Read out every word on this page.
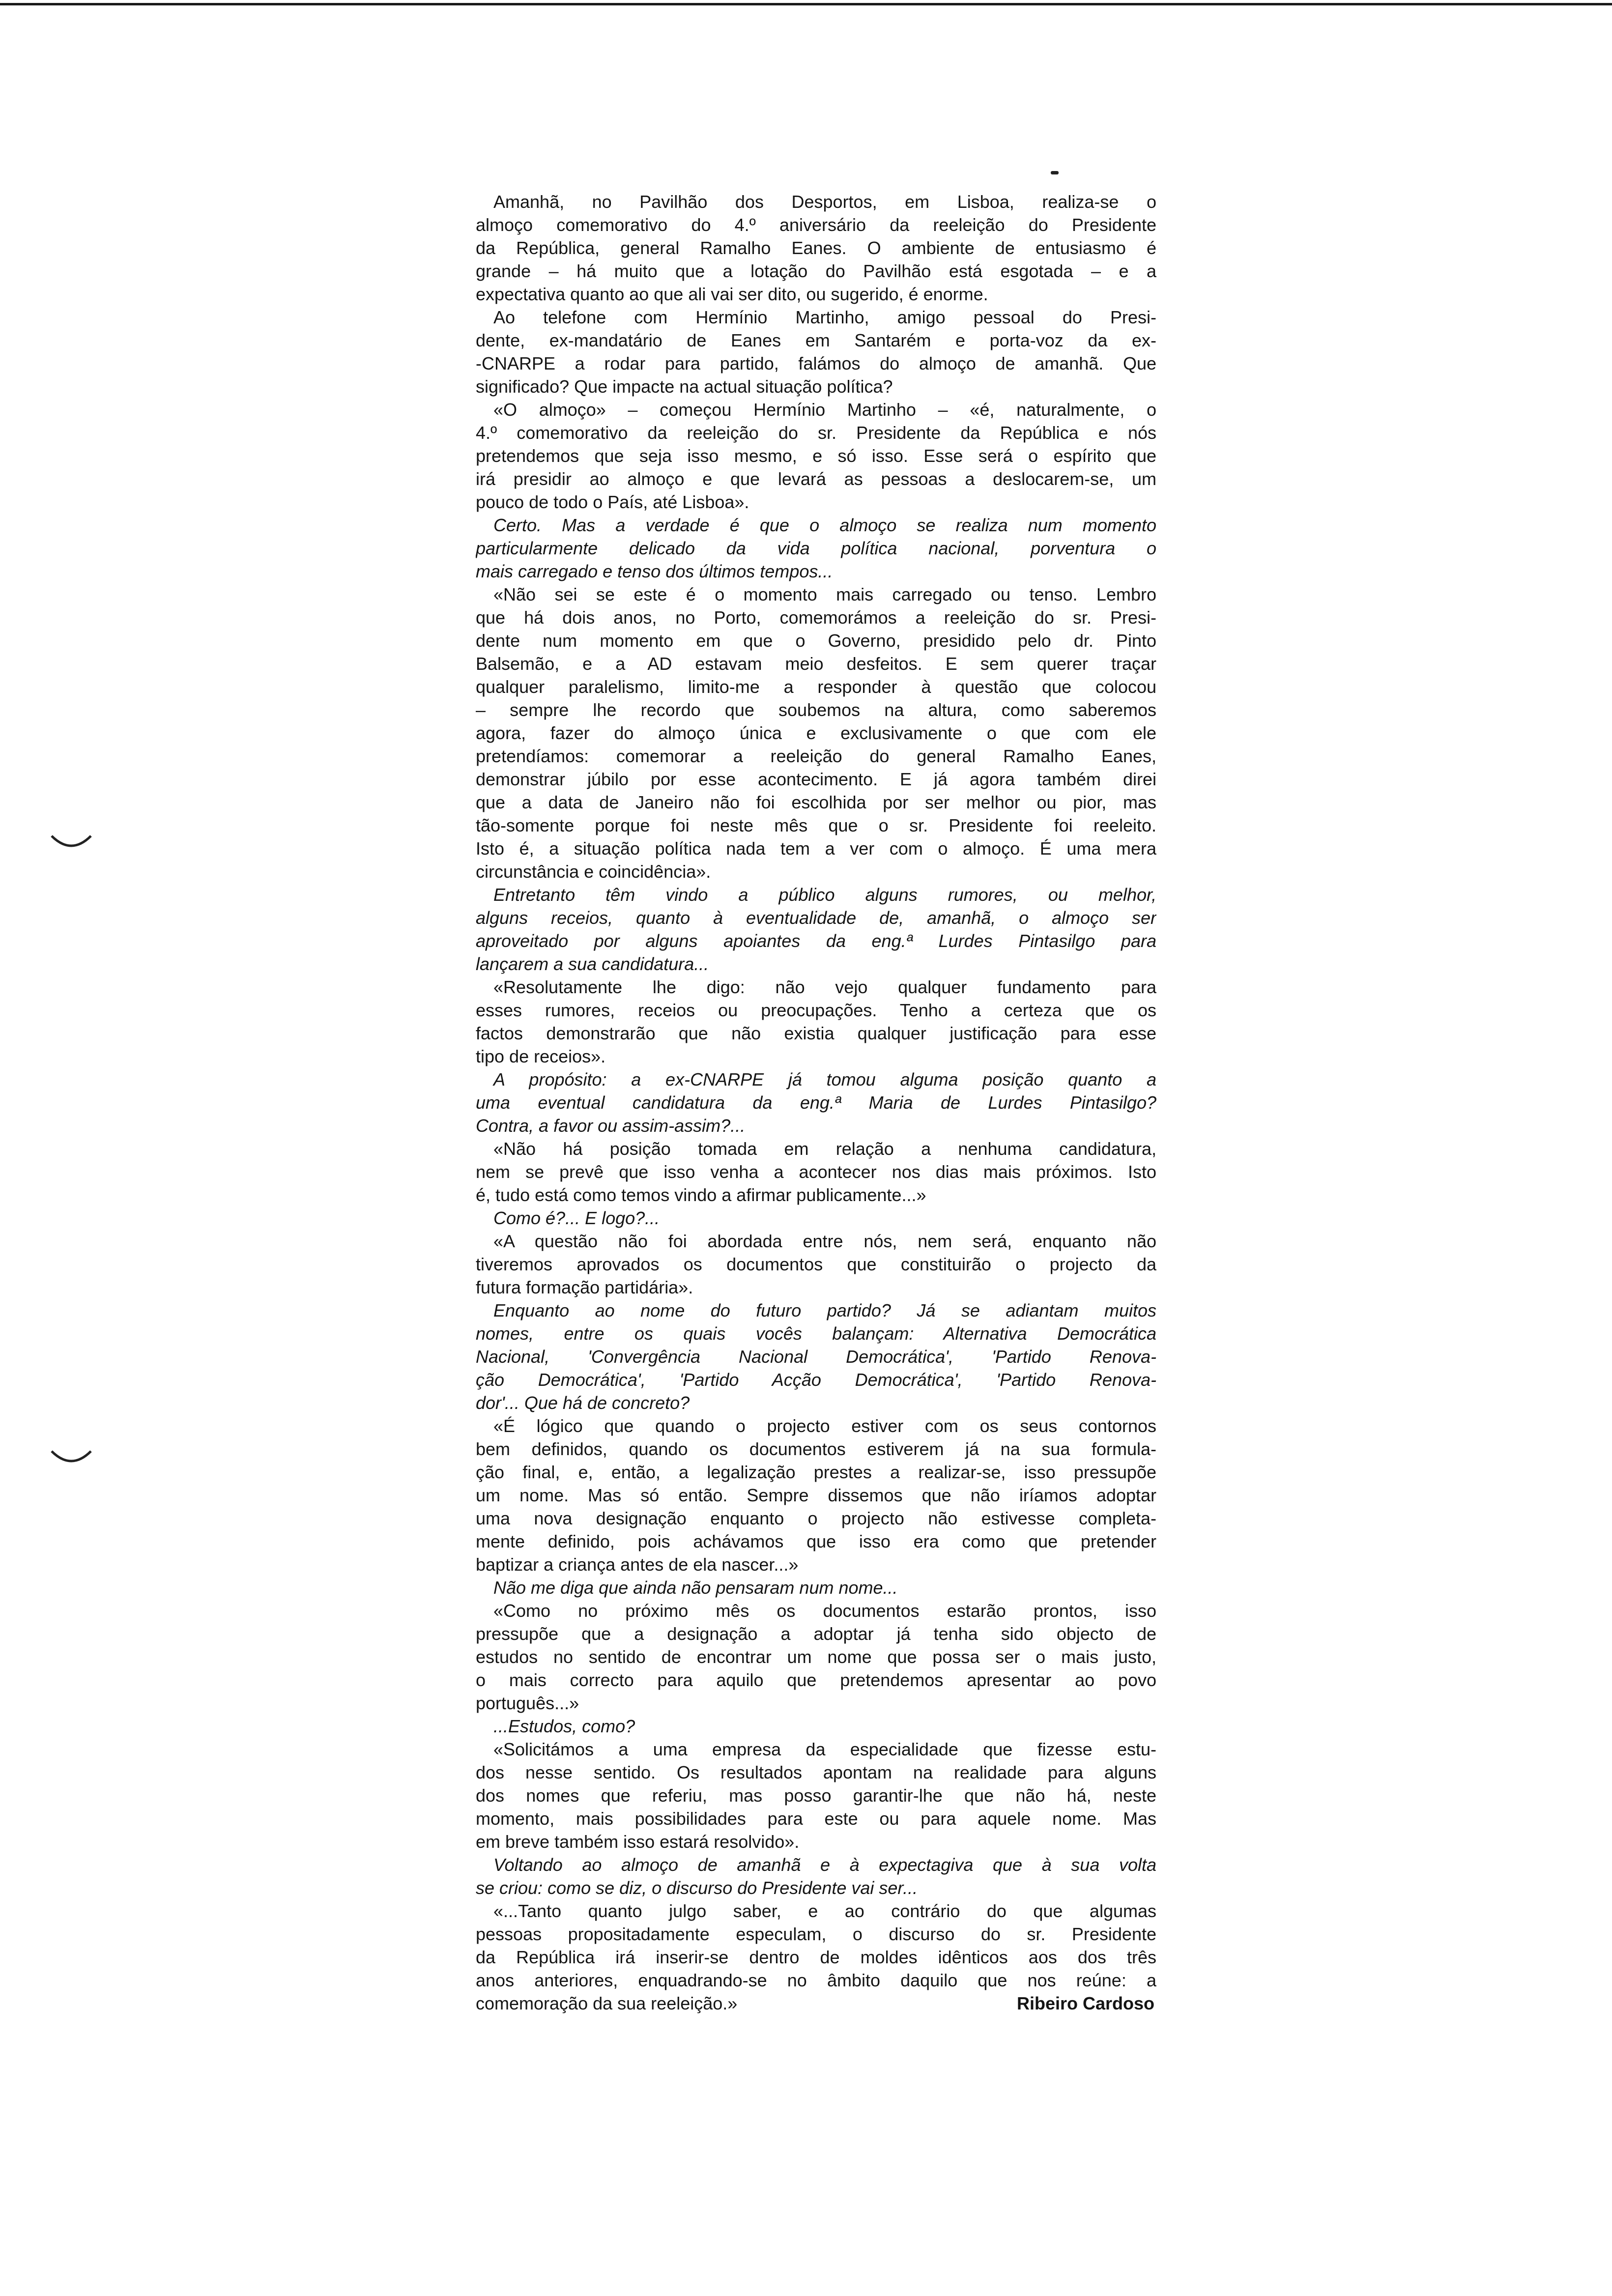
Amanhã, no Pavilhão dos Desportos, em Lisboa, realiza-se o
almoço comemorativo do 4.º aniversário da reeleição do Presidente
da República, general Ramalho Eanes. O ambiente de entusiasmo é
grande – há muito que a lotação do Pavilhão está esgotada – e a
expectativa quanto ao que ali vai ser dito, ou sugerido, é enorme.
Ao telefone com Hermínio Martinho, amigo pessoal do Presi-
dente, ex-mandatário de Eanes em Santarém e porta-voz da ex-
-CNARPE a rodar para partido, falámos do almoço de amanhã. Que
significado? Que impacte na actual situação política?
«O almoço» – começou Hermínio Martinho – «é, naturalmente, o
4.º comemorativo da reeleição do sr. Presidente da República e nós
pretendemos que seja isso mesmo, e só isso. Esse será o espírito que
irá presidir ao almoço e que levará as pessoas a deslocarem-se, um
pouco de todo o País, até Lisboa».
Certo. Mas a verdade é que o almoço se realiza num momento
particularmente delicado da vida política nacional, porventura o
mais carregado e tenso dos últimos tempos...
«Não sei se este é o momento mais carregado ou tenso. Lembro
que há dois anos, no Porto, comemorámos a reeleição do sr. Presi-
dente num momento em que o Governo, presidido pelo dr. Pinto
Balsemão, e a AD estavam meio desfeitos. E sem querer traçar
qualquer paralelismo, limito-me a responder à questão que colocou
– sempre lhe recordo que soubemos na altura, como saberemos
agora, fazer do almoço única e exclusivamente o que com ele
pretendíamos: comemorar a reeleição do general Ramalho Eanes,
demonstrar júbilo por esse acontecimento. E já agora também direi
que a data de Janeiro não foi escolhida por ser melhor ou pior, mas
tão-somente porque foi neste mês que o sr. Presidente foi reeleito.
Isto é, a situação política nada tem a ver com o almoço. É uma mera
circunstância e coincidência».
Entretanto têm vindo a público alguns rumores, ou melhor,
alguns receios, quanto à eventualidade de, amanhã, o almoço ser
aproveitado por alguns apoiantes da eng.ª Lurdes Pintasilgo para
lançarem a sua candidatura...
«Resolutamente lhe digo: não vejo qualquer fundamento para
esses rumores, receios ou preocupações. Tenho a certeza que os
factos demonstrarão que não existia qualquer justificação para esse
tipo de receios».
A propósito: a ex-CNARPE já tomou alguma posição quanto a
uma eventual candidatura da eng.ª Maria de Lurdes Pintasilgo?
Contra, a favor ou assim-assim?...
«Não há posição tomada em relação a nenhuma candidatura,
nem se prevê que isso venha a acontecer nos dias mais próximos. Isto
é, tudo está como temos vindo a afirmar publicamente...»
Como é?... E logo?...
«A questão não foi abordada entre nós, nem será, enquanto não
tiveremos aprovados os documentos que constituirão o projecto da
futura formação partidária».
Enquanto ao nome do futuro partido? Já se adiantam muitos
nomes, entre os quais vocês balançam: Alternativa Democrática
Nacional, 'Convergência Nacional Democrática', 'Partido Renova-
ção Democrática', 'Partido Acção Democrática', 'Partido Renova-
dor'... Que há de concreto?
«É lógico que quando o projecto estiver com os seus contornos
bem definidos, quando os documentos estiverem já na sua formula-
ção final, e, então, a legalização prestes a realizar-se, isso pressupõe
um nome. Mas só então. Sempre dissemos que não iríamos adoptar
uma nova designação enquanto o projecto não estivesse completa-
mente definido, pois achávamos que isso era como que pretender
baptizar a criança antes de ela nascer...»
Não me diga que ainda não pensaram num nome...
«Como no próximo mês os documentos estarão prontos, isso
pressupõe que a designação a adoptar já tenha sido objecto de
estudos no sentido de encontrar um nome que possa ser o mais justo,
o mais correcto para aquilo que pretendemos apresentar ao povo
português...»
...Estudos, como?
«Solicitámos a uma empresa da especialidade que fizesse estu-
dos nesse sentido. Os resultados apontam na realidade para alguns
dos nomes que referiu, mas posso garantir-lhe que não há, neste
momento, mais possibilidades para este ou para aquele nome. Mas
em breve também isso estará resolvido».
Voltando ao almoço de amanhã e à expectagiva que à sua volta
se criou: como se diz, o discurso do Presidente vai ser...
«...Tanto quanto julgo saber, e ao contrário do que algumas
pessoas propositadamente especulam, o discurso do sr. Presidente
da República irá inserir-se dentro de moldes idênticos aos dos três
anos anteriores, enquadrando-se no âmbito daquilo que nos reúne: a
comemoração da sua reeleição.»	Ribeiro Cardoso
